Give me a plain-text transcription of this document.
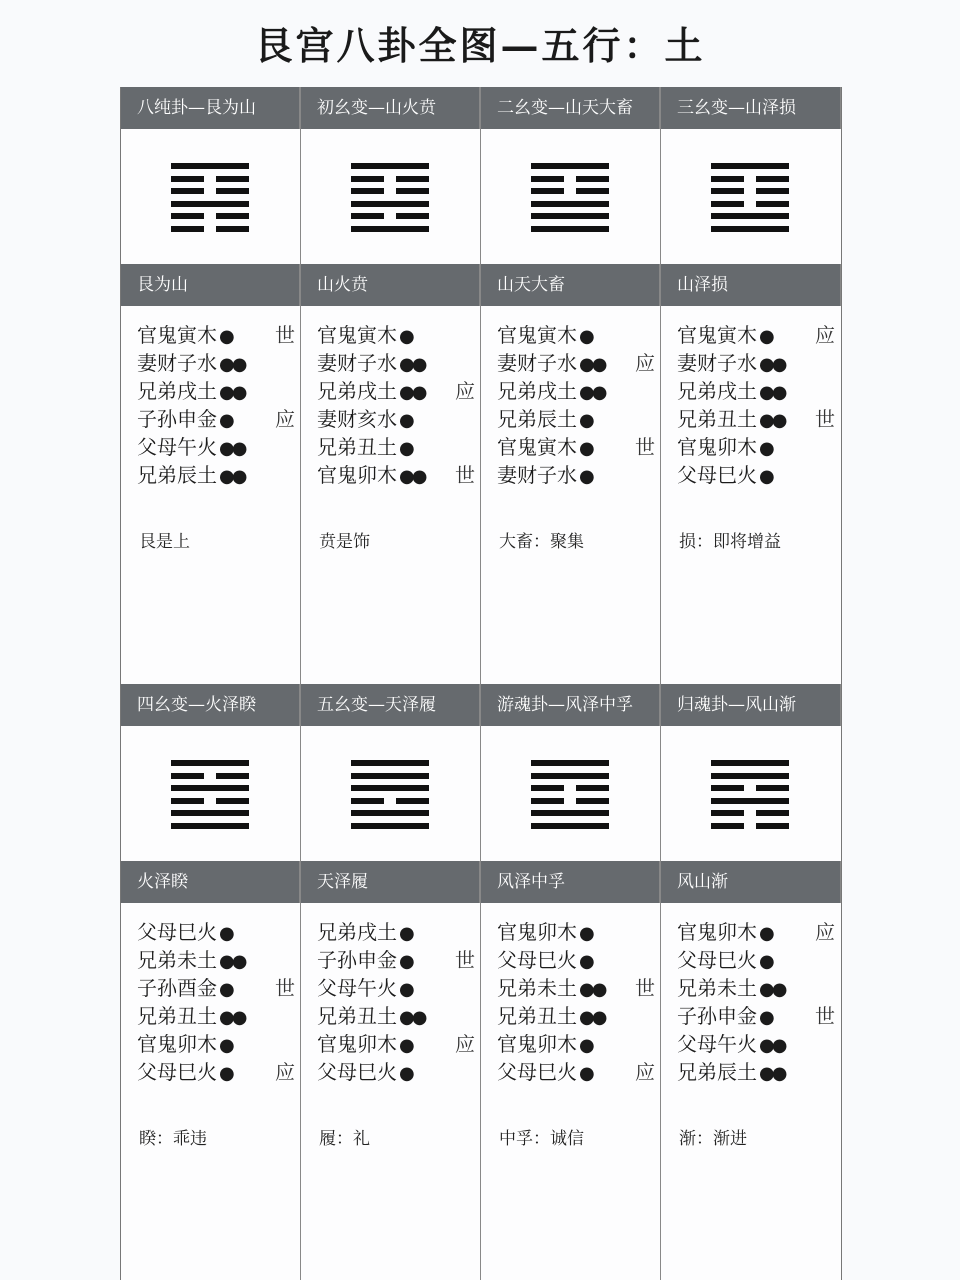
艮宫八卦全图—五行：土
八纯卦—艮为山
艮为山
官鬼寅木 ● 世
妻财子水 ●●
兄弟戌土 ●●
子孙申金 ● 应
父母午火 ●●
兄弟辰土 ●●
艮是上
初幺变—山火贲
山火贲
官鬼寅木 ●
妻财子水 ●●
兄弟戌土 ●● 应
妻财亥水 ●
兄弟丑土 ●
官鬼卯木 ●● 世
贲是饰
二幺变—山天大畜
山天大畜
官鬼寅木 ●
妻财子水 ●● 应
兄弟戌土 ●●
兄弟辰土 ●
官鬼寅木 ● 世
妻财子水 ●
大畜：聚集
三幺变—山泽损
山泽损
官鬼寅木 ● 应
妻财子水 ●●
兄弟戌土 ●●
兄弟丑土 ●● 世
官鬼卯木 ●
父母巳火 ●
损：即将增益
四幺变—火泽睽
火泽睽
父母巳火 ●
兄弟未土 ●●
子孙酉金 ● 世
兄弟丑土 ●●
官鬼卯木 ●
父母巳火 ● 应
睽：乖违
五幺变—天泽履
天泽履
兄弟戌土 ●
子孙申金 ● 世
父母午火 ●
兄弟丑土 ●●
官鬼卯木 ● 应
父母巳火 ●
履：礼
游魂卦—风泽中孚
风泽中孚
官鬼卯木 ●
父母巳火 ●
兄弟未土 ●● 世
兄弟丑土 ●●
官鬼卯木 ●
父母巳火 ● 应
中孚：诚信
归魂卦—风山渐
风山渐
官鬼卯木 ● 应
父母巳火 ●
兄弟未土 ●●
子孙申金 ● 世
父母午火 ●●
兄弟辰土 ●●
渐：渐进
